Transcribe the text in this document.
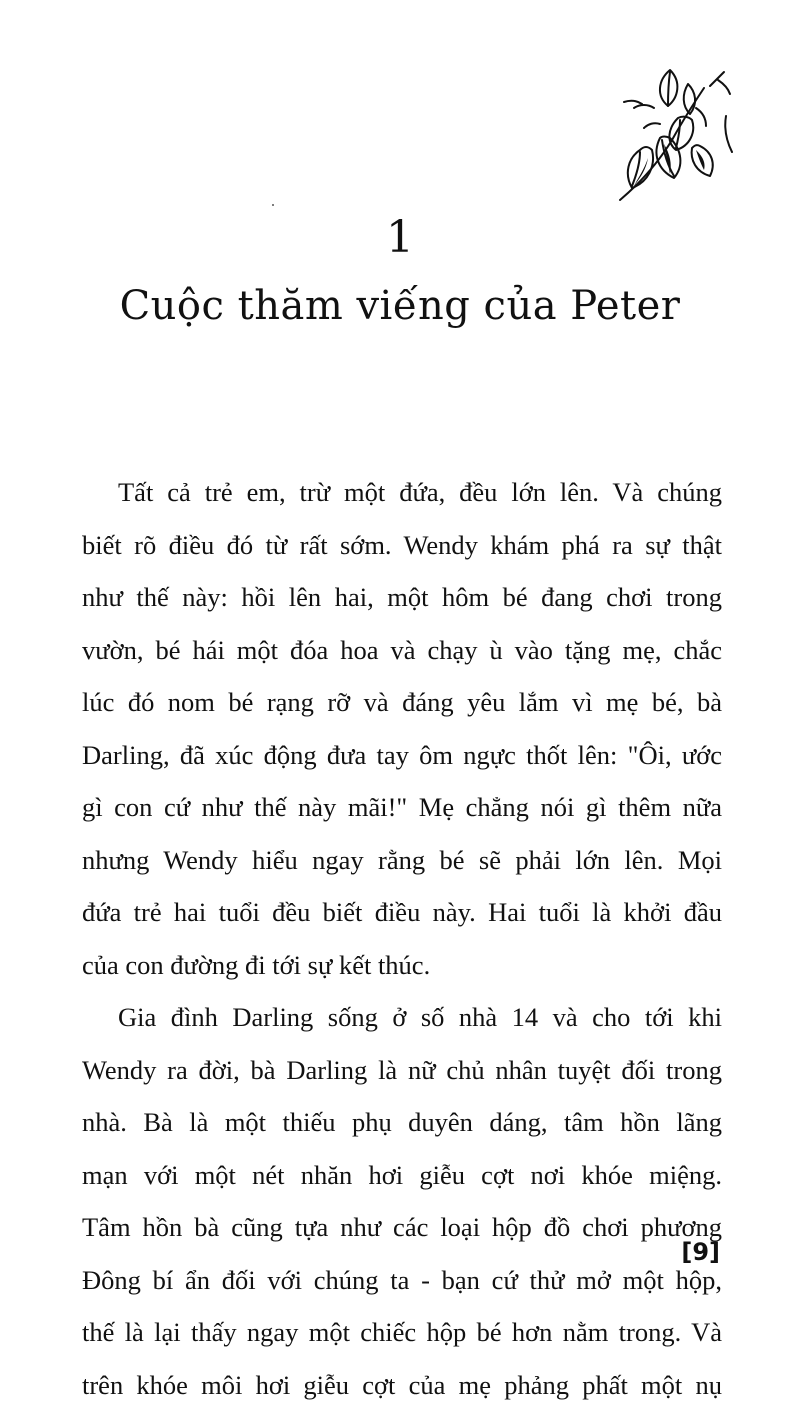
1
Cuộc thăm viếng của Peter
Tất cả trẻ em, trừ một đứa, đều lớn lên. Và chúng
biết rõ điều đó từ rất sớm. Wendy khám phá ra sự thật
như thế này: hồi lên hai, một hôm bé đang chơi trong
vườn, bé hái một đóa hoa và chạy ù vào tặng mẹ, chắc
lúc đó nom bé rạng rỡ và đáng yêu lắm vì mẹ bé, bà
Darling, đã xúc động đưa tay ôm ngực thốt lên: "Ôi, ước
gì con cứ như thế này mãi!" Mẹ chẳng nói gì thêm nữa
nhưng Wendy hiểu ngay rằng bé sẽ phải lớn lên. Mọi
đứa trẻ hai tuổi đều biết điều này. Hai tuổi là khởi đầu
của con đường đi tới sự kết thúc.
Gia đình Darling sống ở số nhà 14 và cho tới khi
Wendy ra đời, bà Darling là nữ chủ nhân tuyệt đối trong
nhà. Bà là một thiếu phụ duyên dáng, tâm hồn lãng
mạn với một nét nhăn hơi giễu cợt nơi khóe miệng.
Tâm hồn bà cũng tựa như các loại hộp đồ chơi phương
Đông bí ẩn đối với chúng ta - bạn cứ thử mở một hộp,
thế là lại thấy ngay một chiếc hộp bé hơn nằm trong. Và
trên khóe môi hơi giễu cợt của mẹ phảng phất một nụ
[9]
